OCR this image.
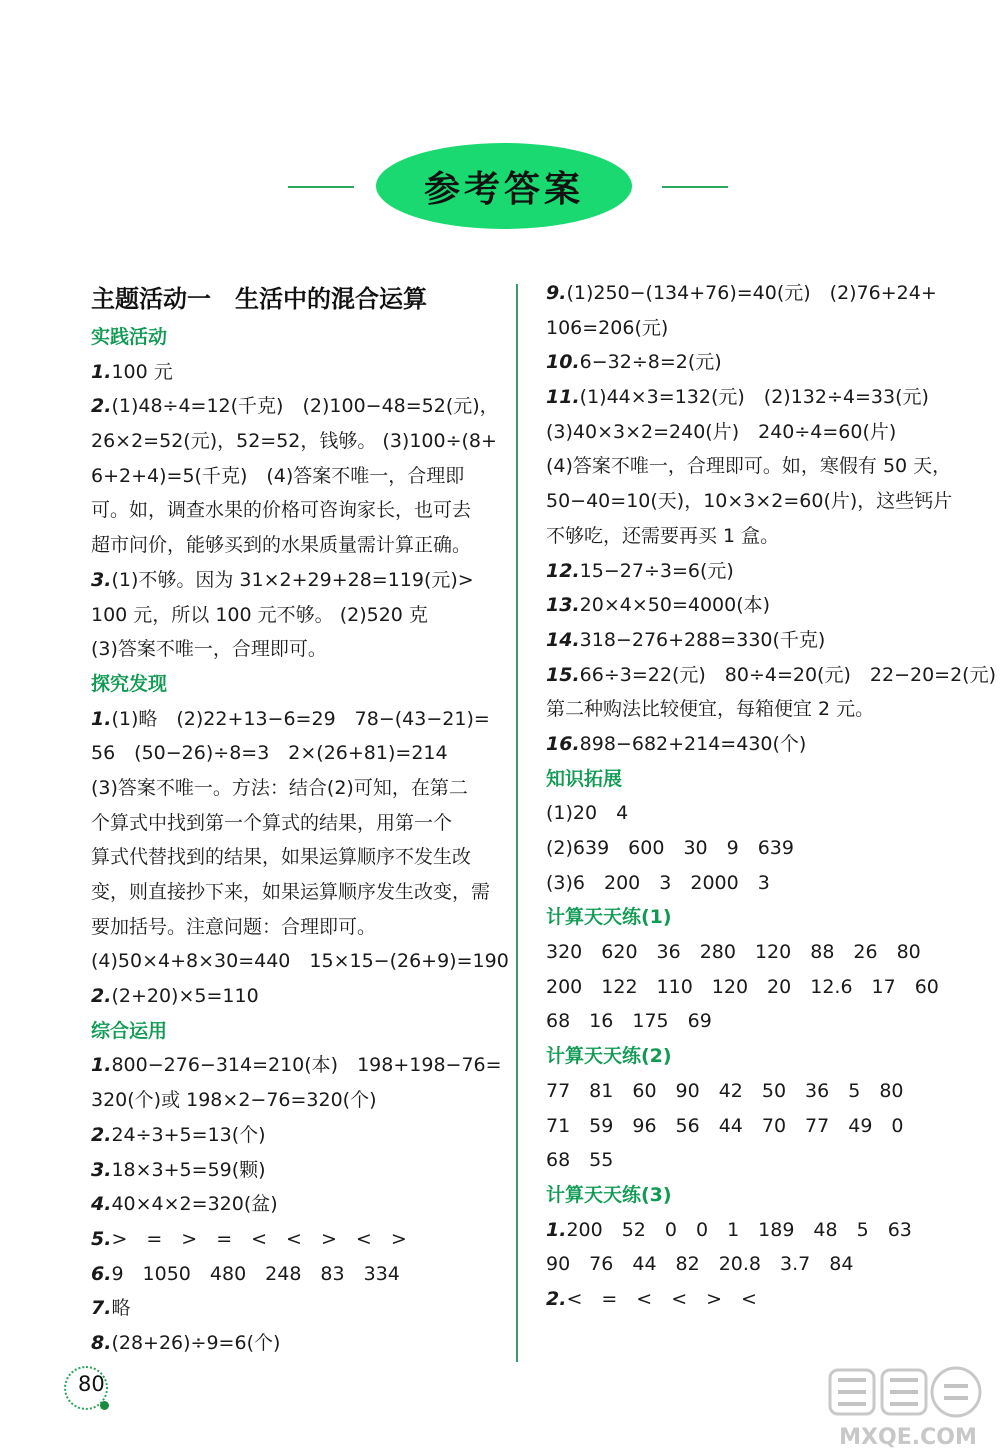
参考答案
主题活动一　生活中的混合运算
实践活动
1.100 元
2.(1)48÷4=12(千克)　(2)100−48=52(元)，
26×2=52(元)，52=52，钱够。 (3)100÷(8+
6+2+4)=5(千克)　(4)答案不唯一，合理即
可。如，调查水果的价格可咨询家长，也可去
超市问价，能够买到的水果质量需计算正确。
3.(1)不够。因为 31×2+29+28=119(元)>
100 元，所以 100 元不够。 (2)520 克
(3)答案不唯一，合理即可。
探究发现
1.(1)略　(2)22+13−6=29　78−(43−21)=
56　(50−26)÷8=3　2×(26+81)=214
(3)答案不唯一。方法：结合(2)可知，在第二
个算式中找到第一个算式的结果，用第一个
算式代替找到的结果，如果运算顺序不发生改
变，则直接抄下来，如果运算顺序发生改变，需
要加括号。注意问题：合理即可。
(4)50×4+8×30=440　15×15−(26+9)=190
2.(2+20)×5=110
综合运用
1.800−276−314=210(本)　198+198−76=
320(个)或 198×2−76=320(个)
2.24÷3+5=13(个)
3.18×3+5=59(颗)
4.40×4×2=320(盆)
5.>　=　>　=　<　<　>　<　>
6.9　1050　480　248　83　334
7.略
8.(28+26)÷9=6(个)
9.(1)250−(134+76)=40(元)　(2)76+24+
106=206(元)
10.6−32÷8=2(元)
11.(1)44×3=132(元)　(2)132÷4=33(元)
(3)40×3×2=240(片)　240÷4=60(片)
(4)答案不唯一，合理即可。如，寒假有 50 天，
50−40=10(天)，10×3×2=60(片)，这些钙片
不够吃，还需要再买 1 盒。
12.15−27÷3=6(元)
13.20×4×50=4000(本)
14.318−276+288=330(千克)
15.66÷3=22(元)　80÷4=20(元)　22−20=2(元)
第二种购法比较便宜，每箱便宜 2 元。
16.898−682+214=430(个)
知识拓展
(1)20　4
(2)639　600　30　9　639
(3)6　200　3　2000　3
计算天天练(1)
320　620　36　280　120　88　26　80
200　122　110　120　20　12.6　17　60
68　16　175　69
计算天天练(2)
77　81　60　90　42　50　36　5　80
71　59　96　56　44　70　77　49　0
68　55
计算天天练(3)
1.200　52　0　0　1　189　48　5　63
90　76　44　82　20.8　3.7　84
2.<　=　<　<　>　<
80
MXQE.COM
